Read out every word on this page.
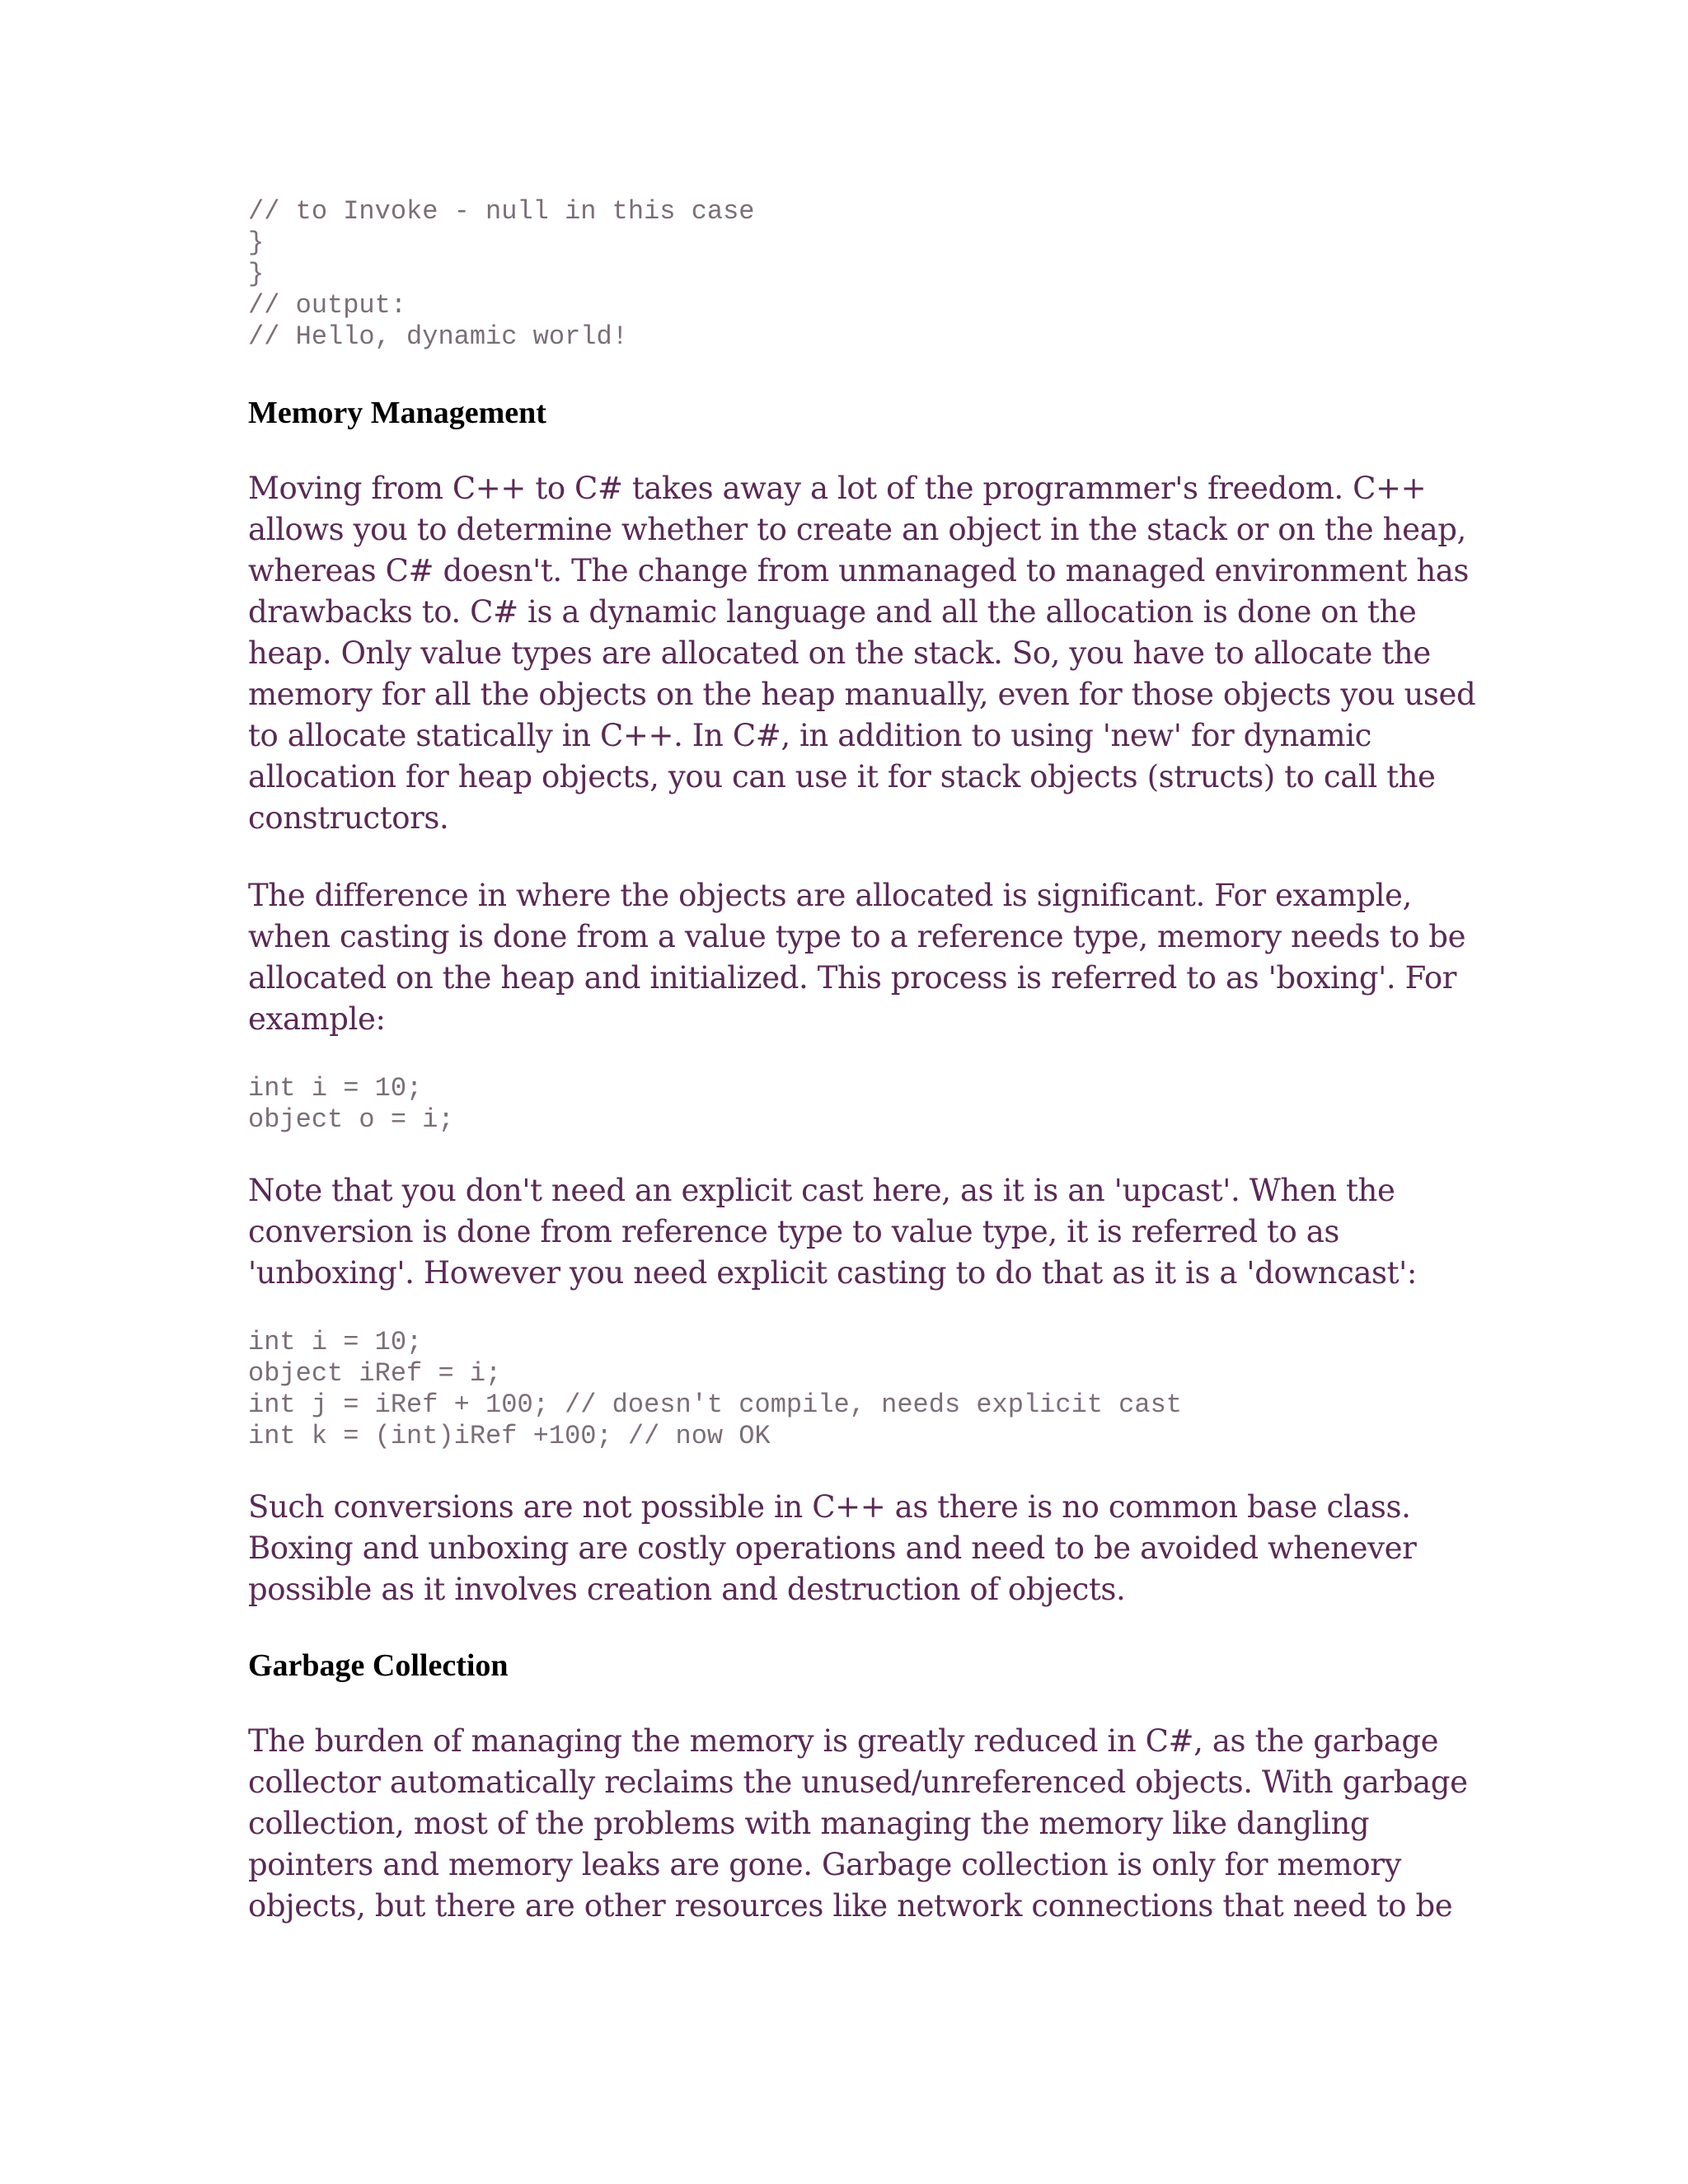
// to Invoke - null in this case
}
}
// output:
// Hello, dynamic world!
Memory Management

Moving from C++ to C# takes away a lot of the programmer's freedom. C++
allows you to determine whether to create an object in the stack or on the heap,
whereas C# doesn't. The change from unmanaged to managed environment has
drawbacks to. C# is a dynamic language and all the allocation is done on the
heap. Only value types are allocated on the stack. So, you have to allocate the
memory for all the objects on the heap manually, even for those objects you used
to allocate statically in C++. In C#, in addition to using 'new' for dynamic
allocation for heap objects, you can use it for stack objects (structs) to call the
constructors.

The difference in where the objects are allocated is significant. For example,
when casting is done from a value type to a reference type, memory needs to be
allocated on the heap and initialized. This process is referred to as 'boxing'. For
example:

int i = 10;
object o = i;

Note that you don't need an explicit cast here, as it is an 'upcast'. When the
conversion is done from reference type to value type, it is referred to as
'unboxing'. However you need explicit casting to do that as it is a 'downcast':

int i = 10;
object iRef = i;
int j = iRef + 100; // doesn't compile, needs explicit cast
int k = (int)iRef +100; // now OK

Such conversions are not possible in C++ as there is no common base class.
Boxing and unboxing are costly operations and need to be avoided whenever
possible as it involves creation and destruction of objects.

Garbage Collection

The burden of managing the memory is greatly reduced in C#, as the garbage
collector automatically reclaims the unused/unreferenced objects. With garbage
collection, most of the problems with managing the memory like dangling
pointers and memory leaks are gone. Garbage collection is only for memory
objects, but there are other resources like network connections that need to be
